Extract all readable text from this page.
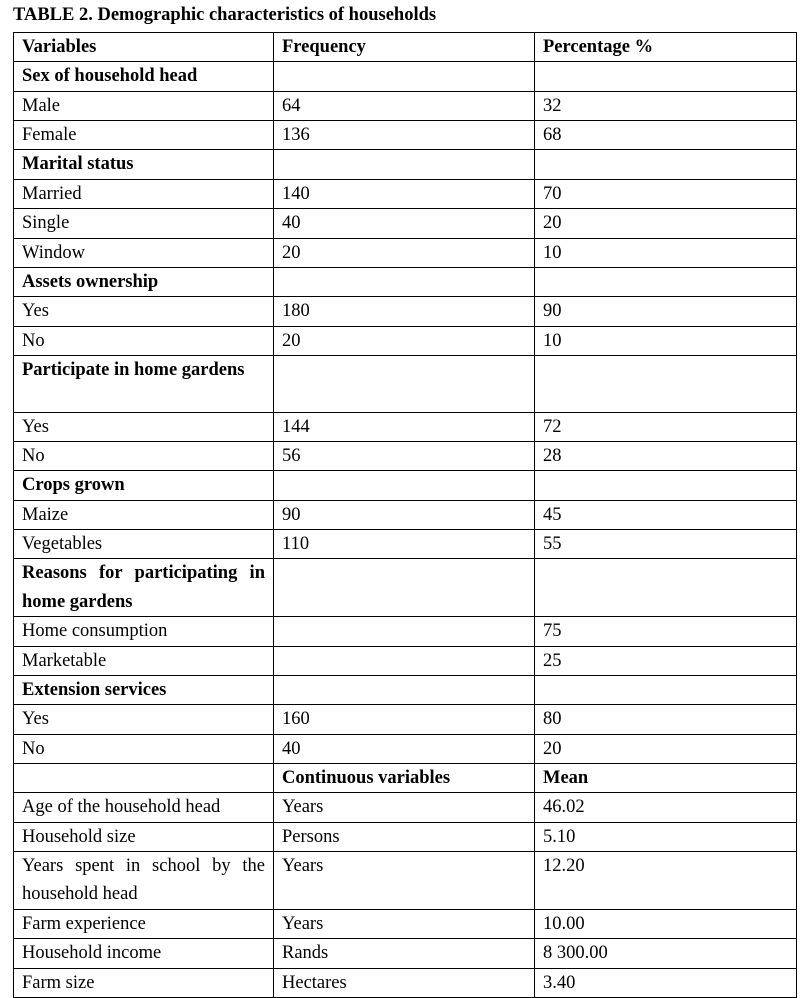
TABLE 2. Demographic characteristics of households
Variables	Frequency	Percentage %
Sex of household head		
Male	64	32
Female	136	68
Marital status		
Married	140	70
Single	40	20
Window	20	10
Assets ownership		
Yes	180	90
No	20	10
Participate in home gardens		
Yes	144	72
No	56	28
Crops grown		
Maize	90	45
Vegetables	110	55
Reasons for participating in home gardens		
Home consumption		75
Marketable		25
Extension services		
Yes	160	80
No	40	20
	Continuous variables	Mean
Age of the household head	Years	46.02
Household size	Persons	5.10
Years spent in school by the household head	Years	12.20
Farm experience	Years	10.00
Household income	Rands	8 300.00
Farm size	Hectares	3.40
